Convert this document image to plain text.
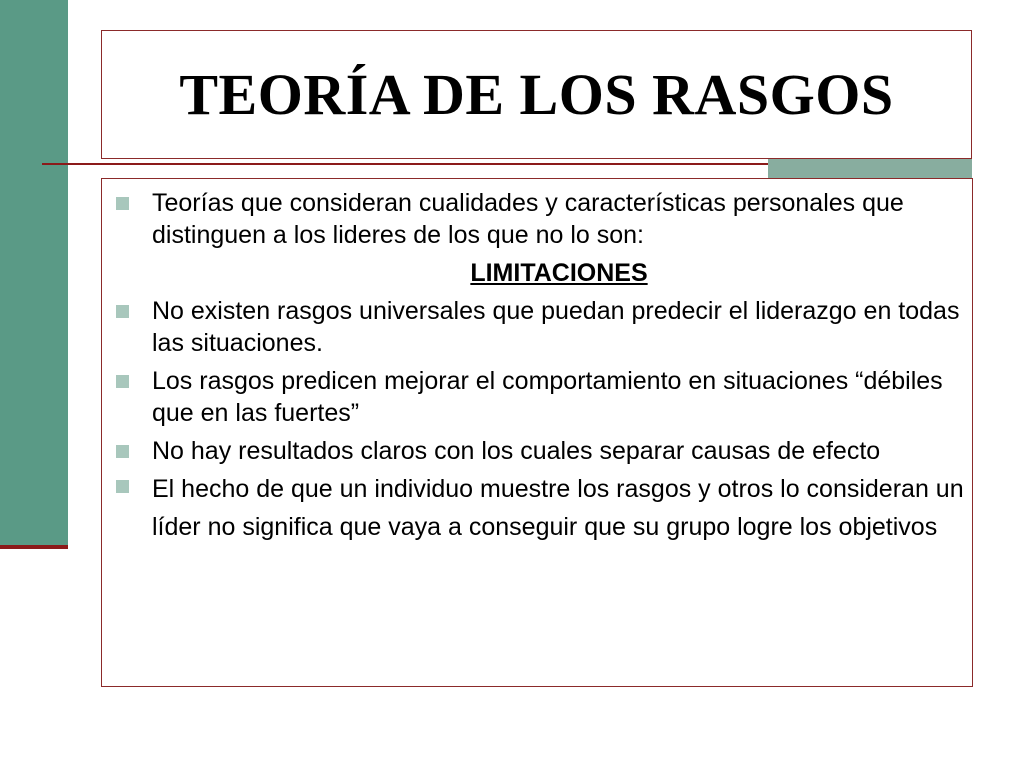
TEORÍA DE LOS RASGOS
Teorías que consideran cualidades y características personales que distinguen a los lideres de los que no lo son:
LIMITACIONES
No existen rasgos universales que puedan predecir el liderazgo en todas las situaciones.
Los rasgos predicen mejorar el comportamiento en situaciones “débiles que en las fuertes”
No hay resultados claros con los cuales separar causas de efecto
El hecho de que un individuo muestre los rasgos y otros lo consideran un líder no significa que vaya a conseguir que su grupo logre los objetivos
